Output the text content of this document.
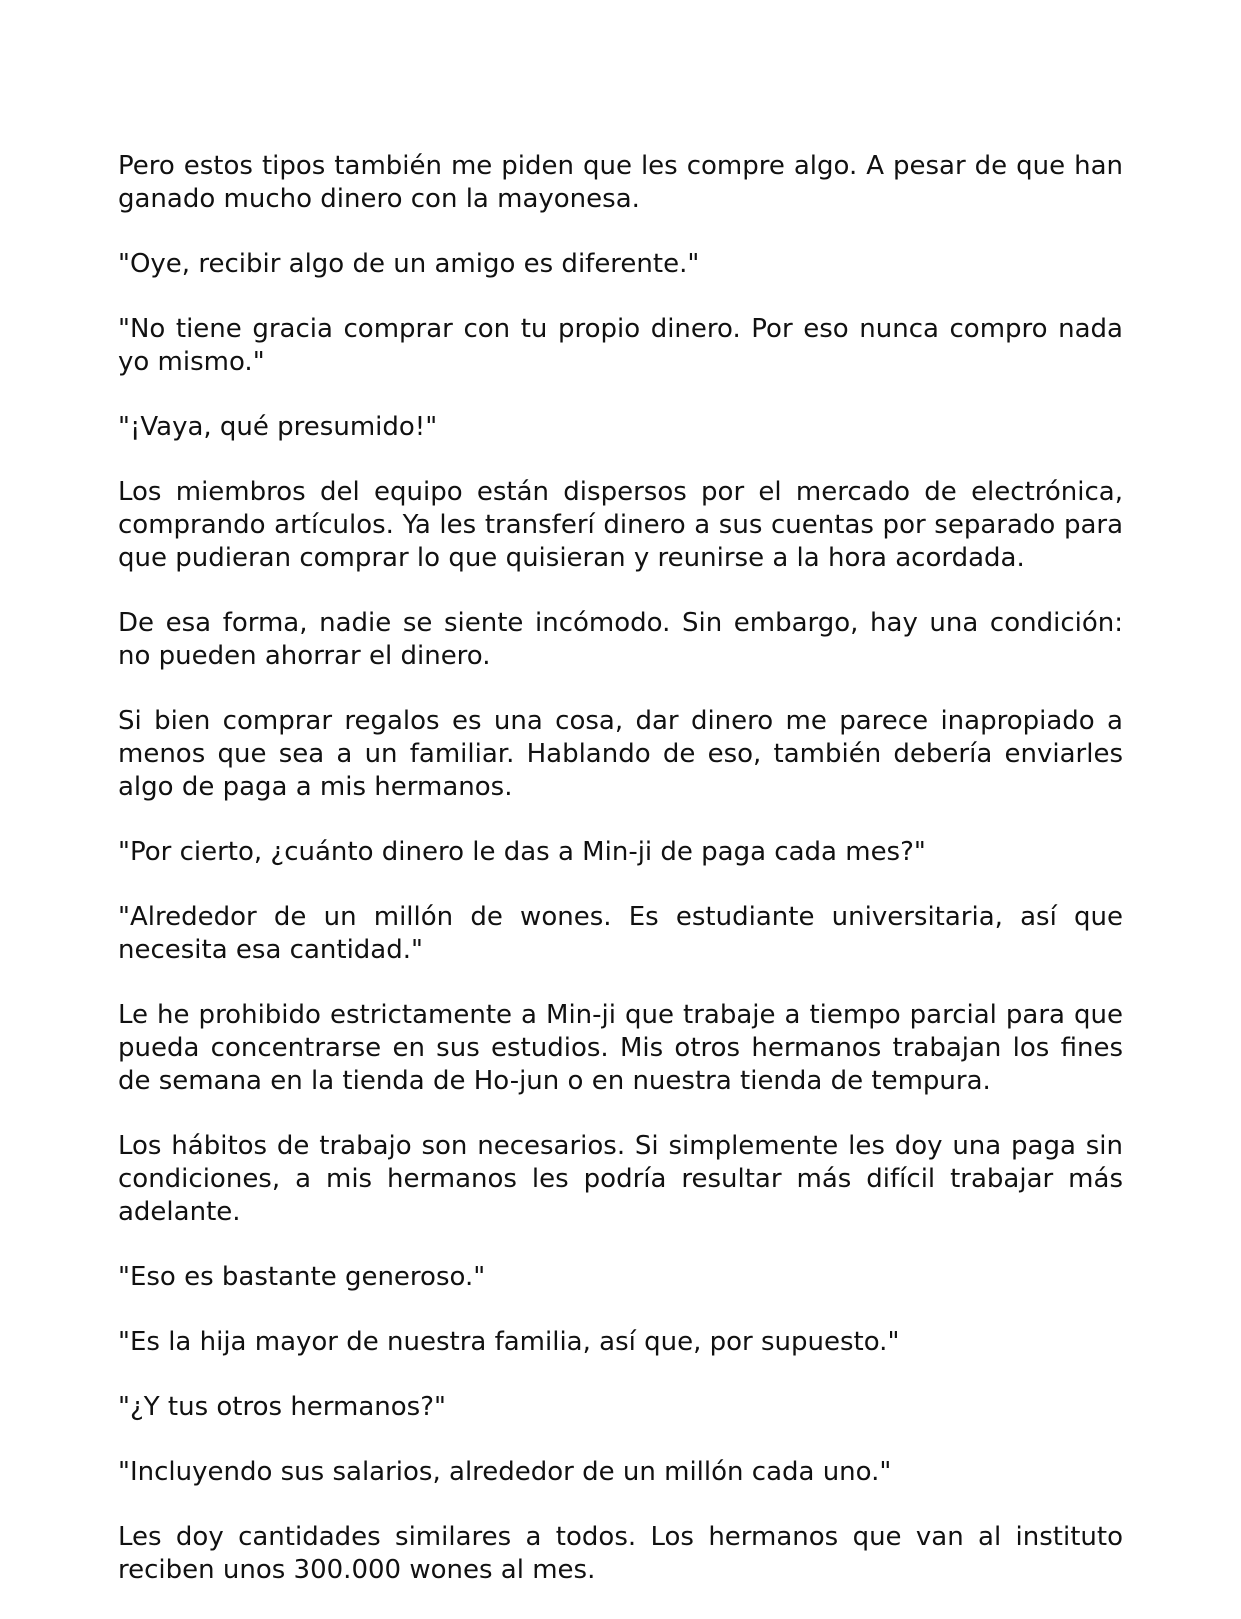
Pero estos tipos también me piden que les compre algo. A pesar de que han ganado mucho dinero con la mayonesa.

"Oye, recibir algo de un amigo es diferente."

"No tiene gracia comprar con tu propio dinero. Por eso nunca compro nada yo mismo."

"¡Vaya, qué presumido!"

Los miembros del equipo están dispersos por el mercado de electrónica, comprando artículos. Ya les transferí dinero a sus cuentas por separado para que pudieran comprar lo que quisieran y reunirse a la hora acordada.

De esa forma, nadie se siente incómodo. Sin embargo, hay una condición: no pueden ahorrar el dinero.

Si bien comprar regalos es una cosa, dar dinero me parece inapropiado a menos que sea a un familiar. Hablando de eso, también debería enviarles algo de paga a mis hermanos.

"Por cierto, ¿cuánto dinero le das a Min-ji de paga cada mes?"

"Alrededor de un millón de wones. Es estudiante universitaria, así que necesita esa cantidad."

Le he prohibido estrictamente a Min-ji que trabaje a tiempo parcial para que pueda concentrarse en sus estudios. Mis otros hermanos trabajan los fines de semana en la tienda de Ho-jun o en nuestra tienda de tempura.

Los hábitos de trabajo son necesarios. Si simplemente les doy una paga sin condiciones, a mis hermanos les podría resultar más difícil trabajar más adelante.

"Eso es bastante generoso."

"Es la hija mayor de nuestra familia, así que, por supuesto."

"¿Y tus otros hermanos?"

"Incluyendo sus salarios, alrededor de un millón cada uno."

Les doy cantidades similares a todos. Los hermanos que van al instituto reciben unos 300.000 wones al mes.
